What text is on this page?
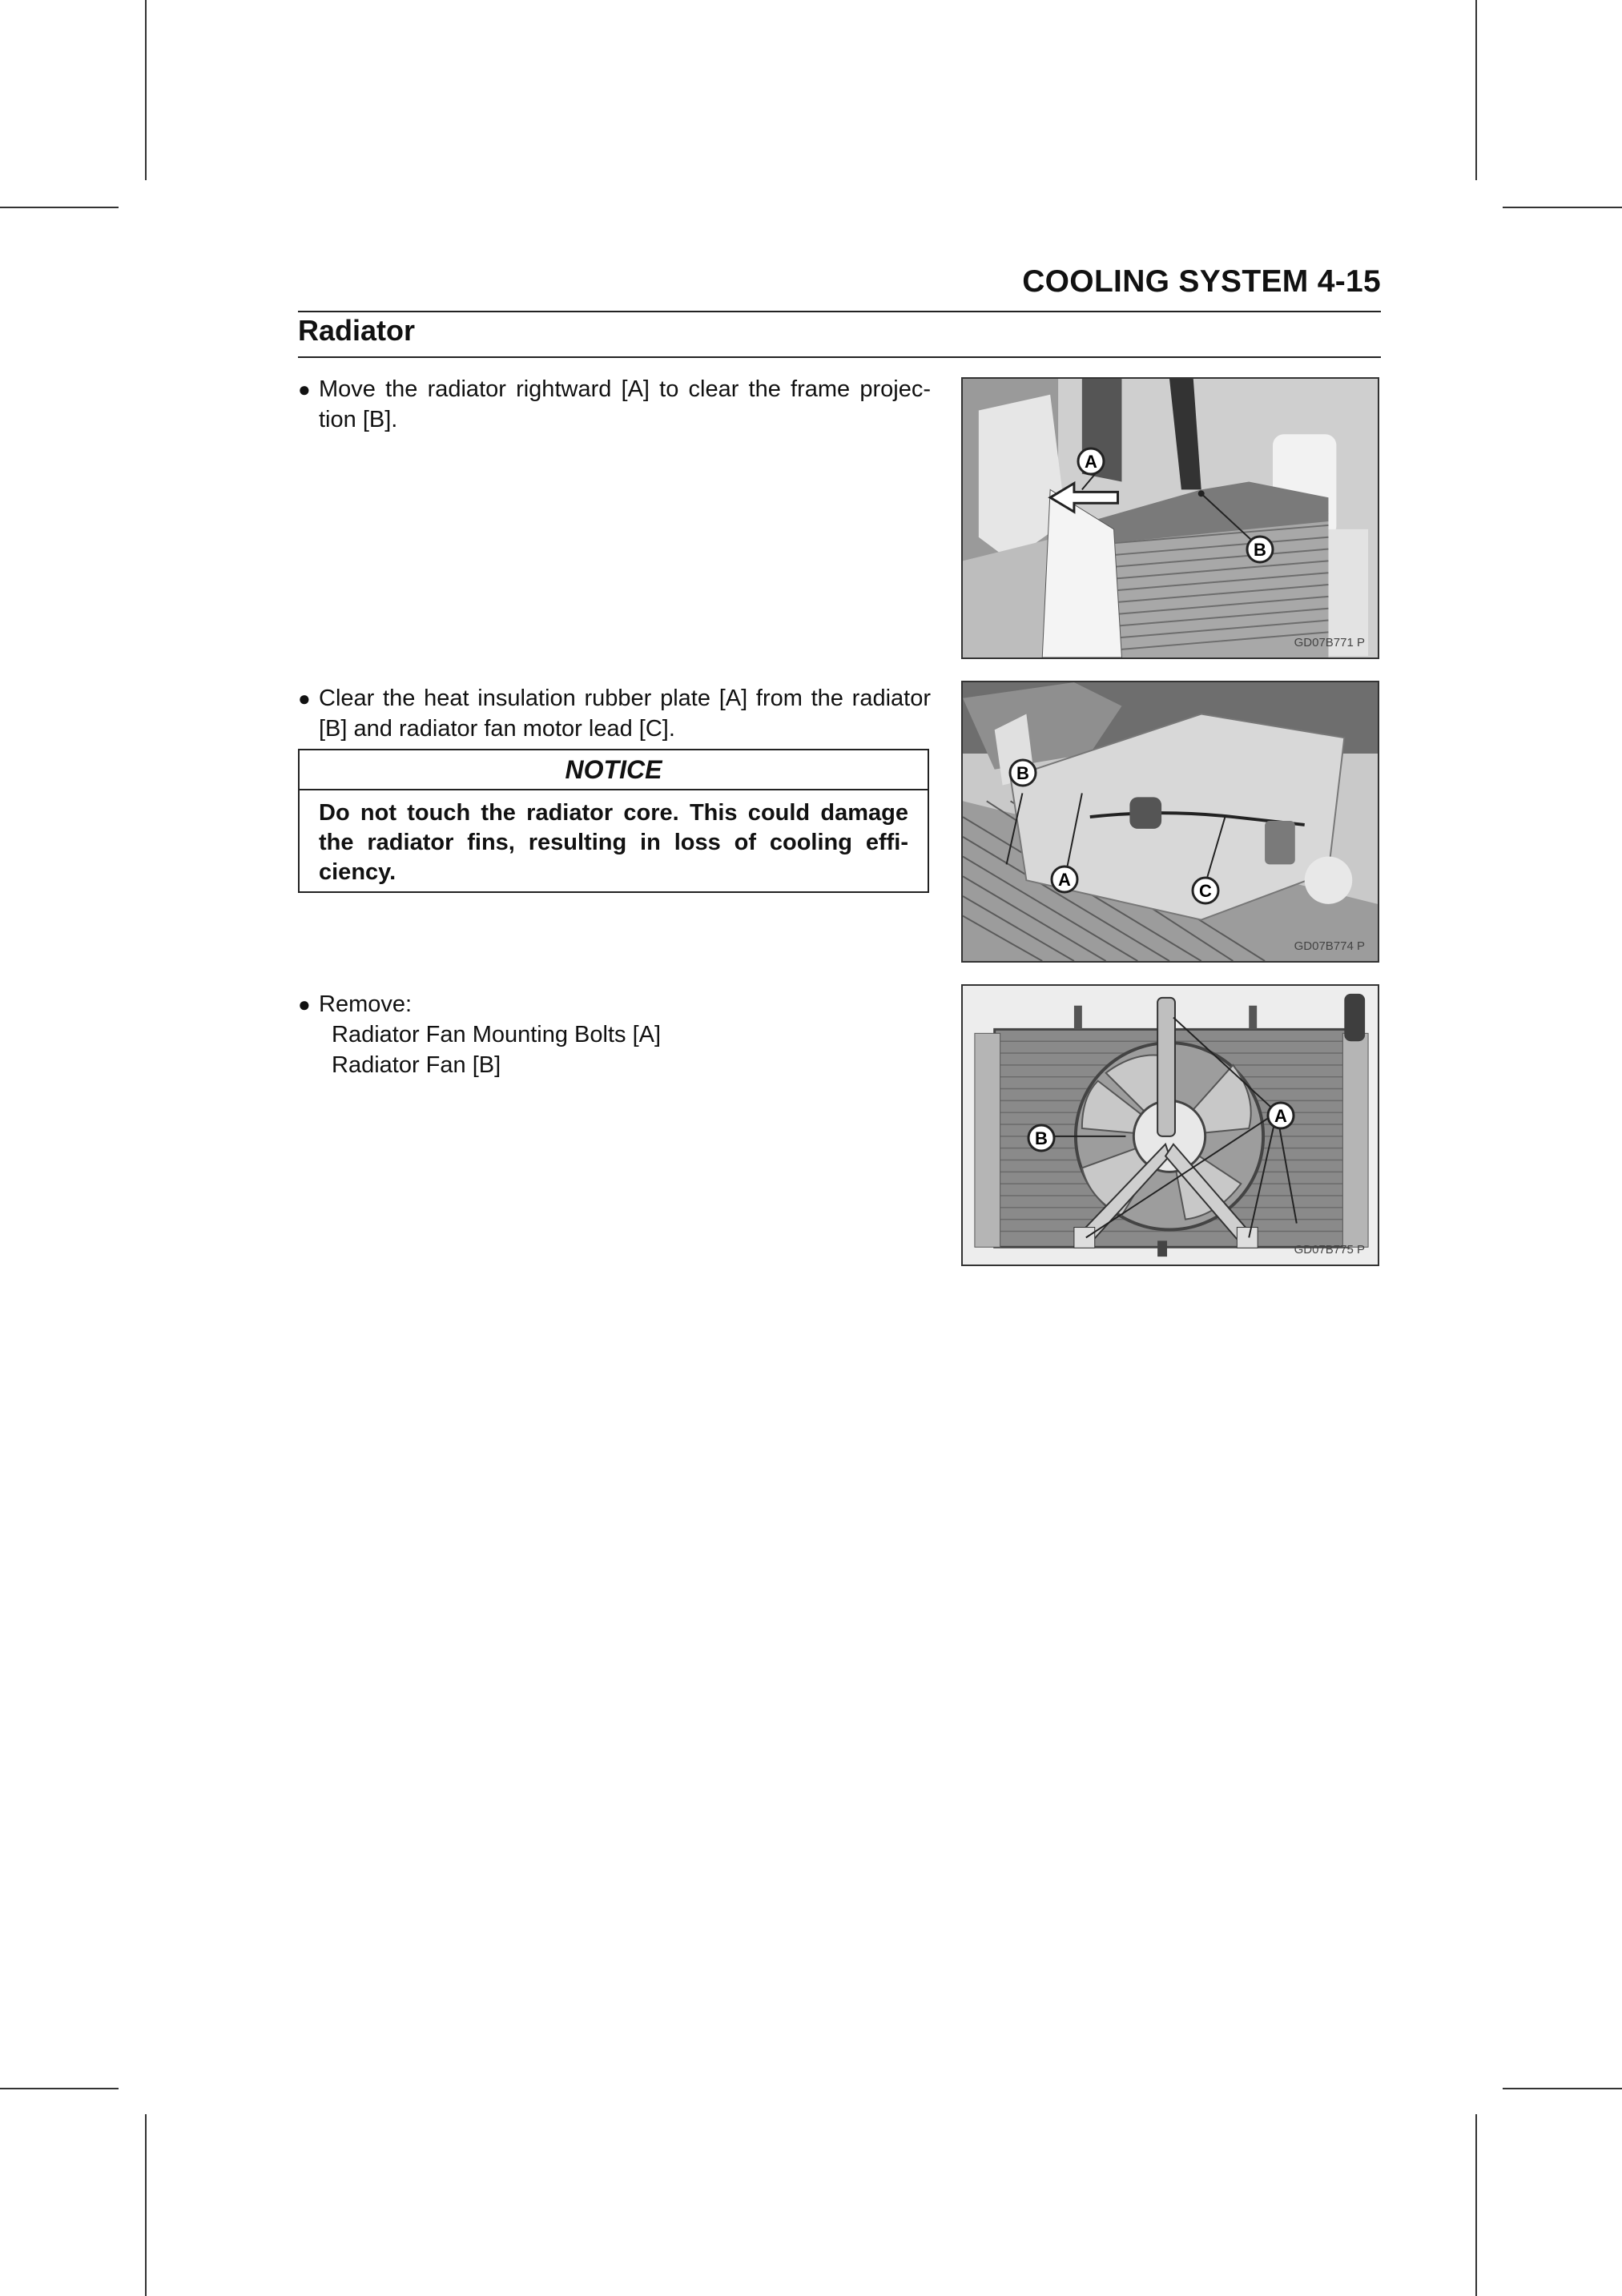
COOLING SYSTEM 4-15
Radiator
● Move the radiator rightward [A] to clear the frame projec-tion [B].
A
B
GD07B771 P
● Clear the heat insulation rubber plate [A] from the radiator [B] and radiator fan motor lead [C].
NOTICE
Do not touch the radiator core. This could damage the radiator fins, resulting in loss of cooling effi-ciency.
B
A
C
GD07B774 P
● Remove:
Radiator Fan Mounting Bolts [A]
Radiator Fan [B]
A
B
GD07B775 P
